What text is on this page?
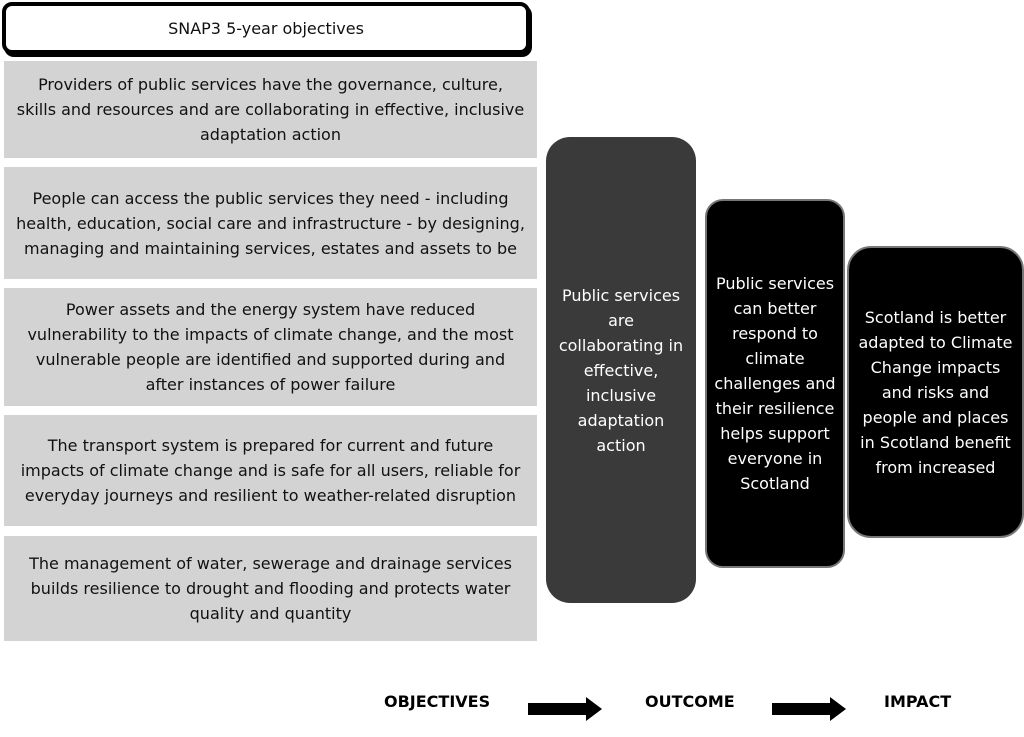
SNAP3 5-year objectives
Providers of public services have the governance, culture, skills and resources and are collaborating in effective, inclusive adaptation action
People can access the public services they need - including health, education, social care and infrastructure - by designing, managing and maintaining services, estates and assets to be
Power assets and the energy system have reduced vulnerability to the impacts of climate change, and the most vulnerable people are identified and supported during and after instances of power failure
The transport system is prepared for current and future impacts of climate change and is safe for all users, reliable for everyday journeys and resilient to weather-related disruption
The management of water, sewerage and drainage services builds resilience to drought and flooding and protects water quality and quantity
Public services are collaborating in effective, inclusive adaptation action
Public services can better respond to climate challenges and their resilience helps support everyone in Scotland
Scotland is better adapted to Climate Change impacts and risks and people and places in Scotland benefit from increased
OBJECTIVES	OUTCOME	IMPACT
